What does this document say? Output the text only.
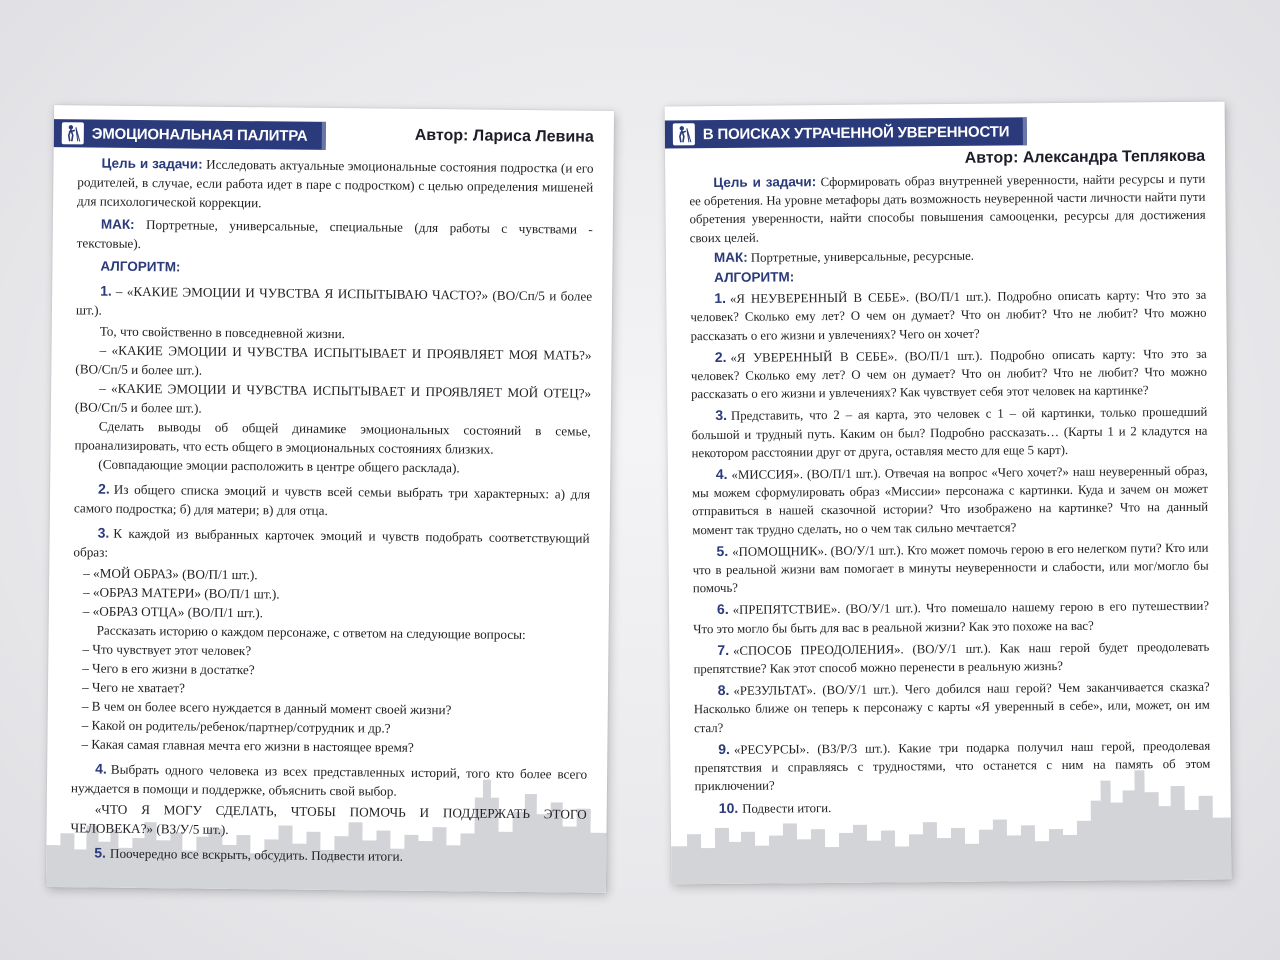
ЭМОЦИОНАЛЬНАЯ ПАЛИТРА	Автор: Лариса Левина

Цель и задачи: Исследовать актуальные эмоциональные состояния подростка (и его родителей, в случае, если работа идет в паре с подростком) с целью определения мишеней для психологической коррекции.

МАК: Портретные, универсальные, специальные (для работы с чувствами - текстовые).

АЛГОРИТМ:

1. – «КАКИЕ ЭМОЦИИ И ЧУВСТВА Я ИСПЫТЫВАЮ ЧАСТО?» (ВО/Сп/5 и более шт.).

То, что свойственно в повседневной жизни.

– «КАКИЕ ЭМОЦИИ И ЧУВСТВА ИСПЫТЫВАЕТ И ПРОЯВЛЯЕТ МОЯ МАТЬ?» (ВО/Сп/5 и более шт.).

– «КАКИЕ ЭМОЦИИ И ЧУВСТВА ИСПЫТЫВАЕТ И ПРОЯВЛЯЕТ МОЙ ОТЕЦ?» (ВО/Сп/5 и более шт.).

Сделать выводы об общей динамике эмоциональных состояний в семье, проанализировать, что есть общего в эмоциональных состояниях близких.

(Совпадающие эмоции расположить в центре общего расклада).

2. Из общего списка эмоций и чувств всей семьи выбрать три характерных: а) для самого подростка; б) для матери; в) для отца.

3. К каждой из выбранных карточек эмоций и чувств подобрать соответствующий образ:

– «МОЙ ОБРАЗ» (ВО/П/1 шт.).

– «ОБРАЗ МАТЕРИ» (ВО/П/1 шт.).

– «ОБРАЗ ОТЦА» (ВО/П/1 шт.).

Рассказать историю о каждом персонаже, с ответом на следующие вопросы:

– Что чувствует этот человек?

– Чего в его жизни в достатке?

– Чего не хватает?

– В чем он более всего нуждается в данный момент своей жизни?

– Какой он родитель/ребенок/партнер/сотрудник и др.?

– Какая самая главная мечта его жизни в настоящее время?

4. Выбрать одного человека из всех представленных историй, того кто более всего нуждается в помощи и поддержке, объяснить свой выбор.

«ЧТО Я МОГУ СДЕЛАТЬ, ЧТОБЫ ПОМОЧЬ И ПОДДЕРЖАТЬ ЭТОГО ЧЕЛОВЕКА?» (ВЗ/У/5 шт.).

5. Поочередно все вскрыть, обсудить. Подвести итоги.

В ПОИСКАХ УТРАЧЕННОЙ УВЕРЕННОСТИ
Автор: Александра Теплякова

Цель и задачи: Сформировать образ внутренней уверенности, найти ресурсы и пути ее обретения. На уровне метафоры дать возможность неуверенной части личности найти пути обретения уверенности, найти способы повышения самооценки, ресурсы для достижения своих целей.

МАК: Портретные, универсальные, ресурсные.

АЛГОРИТМ:

1. «Я НЕУВЕРЕННЫЙ В СЕБЕ». (ВО/П/1 шт.). Подробно описать карту: Что это за человек? Сколько ему лет? О чем он думает? Что он любит? Что не любит? Что можно рассказать о его жизни и увлечениях? Чего он хочет?

2. «Я УВЕРЕННЫЙ В СЕБЕ». (ВО/П/1 шт.). Подробно описать карту: Что это за человек? Сколько ему лет? О чем он думает? Что он любит? Что не любит? Что можно рассказать о его жизни и увлечениях? Как чувствует себя этот человек на картинке?

3. Представить, что 2 – ая карта, это человек с 1 – ой картинки, только прошедший большой и трудный путь. Каким он был? Подробно рассказать… (Карты 1 и 2 кладутся на некотором расстоянии друг от друга, оставляя место для еще 5 карт).

4. «МИССИЯ». (ВО/П/1 шт.). Отвечая на вопрос «Чего хочет?» наш неуверенный образ, мы можем сформулировать образ «Миссии» персонажа с картинки. Куда и зачем он может отправиться в нашей сказочной истории? Что изображено на картинке? Что на данный момент так трудно сделать, но о чем так сильно мечтается?

5. «ПОМОЩНИК». (ВО/У/1 шт.). Кто может помочь герою в его нелегком пути? Кто или что в реальной жизни вам помогает в минуты неуверенности и слабости, или мог/могло бы помочь?

6. «ПРЕПЯТСТВИЕ». (ВО/У/1 шт.). Что помешало нашему герою в его путешествии? Что это могло бы быть для вас в реальной жизни? Как это похоже на вас?

7. «СПОСОБ ПРЕОДОЛЕНИЯ». (ВО/У/1 шт.). Как наш герой будет преодолевать препятствие? Как этот способ можно перенести в реальную жизнь?

8. «РЕЗУЛЬТАТ». (ВО/У/1 шт.). Чего добился наш герой? Чем заканчивается сказка? Насколько ближе он теперь к персонажу с карты «Я уверенный в себе», или, может, он им стал?

9. «РЕСУРСЫ». (ВЗ/Р/3 шт.). Какие три подарка получил наш герой, преодолевая препятствия и справляясь с трудностями, что останется с ним на память об этом приключении?

10. Подвести итоги.
